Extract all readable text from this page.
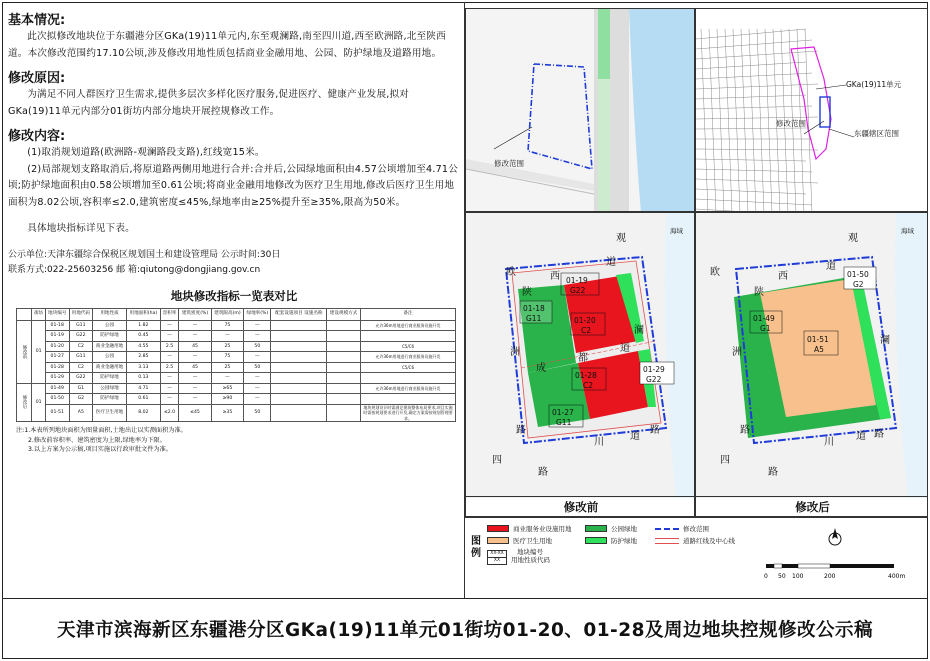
基本情况:
此次拟修改地块位于东疆港分区GKa(19)11单元内,东至观澜路,南至四川道,西至欧洲路,北至陕西道。本次修改范围约17.10公顷,涉及修改用地性质包括商业金融用地、公园、防护绿地及道路用地。
修改原因:
为满足不同人群医疗卫生需求,提供多层次多样化医疗服务,促进医疗、健康产业发展,拟对GKa(19)11单元内部分01街坊内部分地块开展控规修改工作。
修改内容:
(1)取消规划道路(欧洲路-观澜路段支路),红线宽15米。
(2)局部规划支路取消后,将原道路两侧用地进行合并:合并后,公园绿地面积由4.57公顷增加至4.71公顷;防护绿地面积由0.58公顷增加至0.61公顷;将商业金融用地修改为医疗卫生用地,修改后医疗卫生用地面积为8.02公顷,容积率≤2.0,建筑密度≤45%,绿地率由≥25%提升至≥35%,限高为50米。
具体地块指标详见下表。
公示单位:天津东疆综合保税区规划国土和建设管理局 公示时间:30日
联系方式:022-25603256 邮 箱:qiutong@dongjiang.gov.cn
地块修改指标一览表对比
	街坊	地块编号	用地代码	用地性质	用地面积(ha)	容积率	建筑密度(%)	建筑限高(m)	绿地率(%)	配套设施项目 设施名称	建设规模方式	备注
修改前	01	01-18	G11	公园	1.82	—	—	75	—			允许36m用地进行商业服务设施开发
		01-19	G22	防护绿地	0.45	—	—	—	—			
		01-20	C2	商业金融用地	4.55	2.5	45	25	50			C5/C6
		01-27	G11	公园	2.85	—	—	75	—			允许36m用地进行商业服务设施开发
		01-28	C2	商业金融用地	3.13	2.5	45	25	50			C5/C6
		01-29	G22	防护绿地	0.13	—	—	—	—			
修改后	01	01-49	G1	公园绿地	4.71	—	—	≥65	—			允许36m用地进行商业服务设施开发
		01-50	G2	防护绿地	0.61	—	—	≥90	—			
		01-51	A5	医疗卫生用地	8.02	≤2.0	≤45	≥35	50			地块规划设计时需满足建筑整体布局要求,项目实施时需按规划要求进行开发,确定方案需按规划管理要求。
注:1.本表所列地块面积为图量面积,土地出让以实测面积为准。
2.修改前容积率、建筑密度为上限,绿地率为下限。
3.以上方案为公示稿,项目实施以行政审批文件为准。
修改范围
GKa(19)11单元
修改范围
东疆辖区范围
海域
01-19
G22
01-18
G11	01-20
C2
01-28
C2
01-29
G22
01-27
G11
欧
陕
西
道
观
澜
路
洲
路
成
都
道
四
川
道
路
修改前
海域
01-50
G2
01-49
G1
01-51
A5
欧
陕
西
道
观
澜
路
洲
路
四
川
道
路
修改后
图
例
商业服务业设施用地
医疗卫生用地
公园绿地
防护绿地
修改范围
道路红线及中心线
XX-XX
XX
地块编号
用地性质代码
0 50 100	200	400m
天津市滨海新区东疆港分区GKa(19)11单元01街坊01-20、01-28及周边地块控规修改公示稿
